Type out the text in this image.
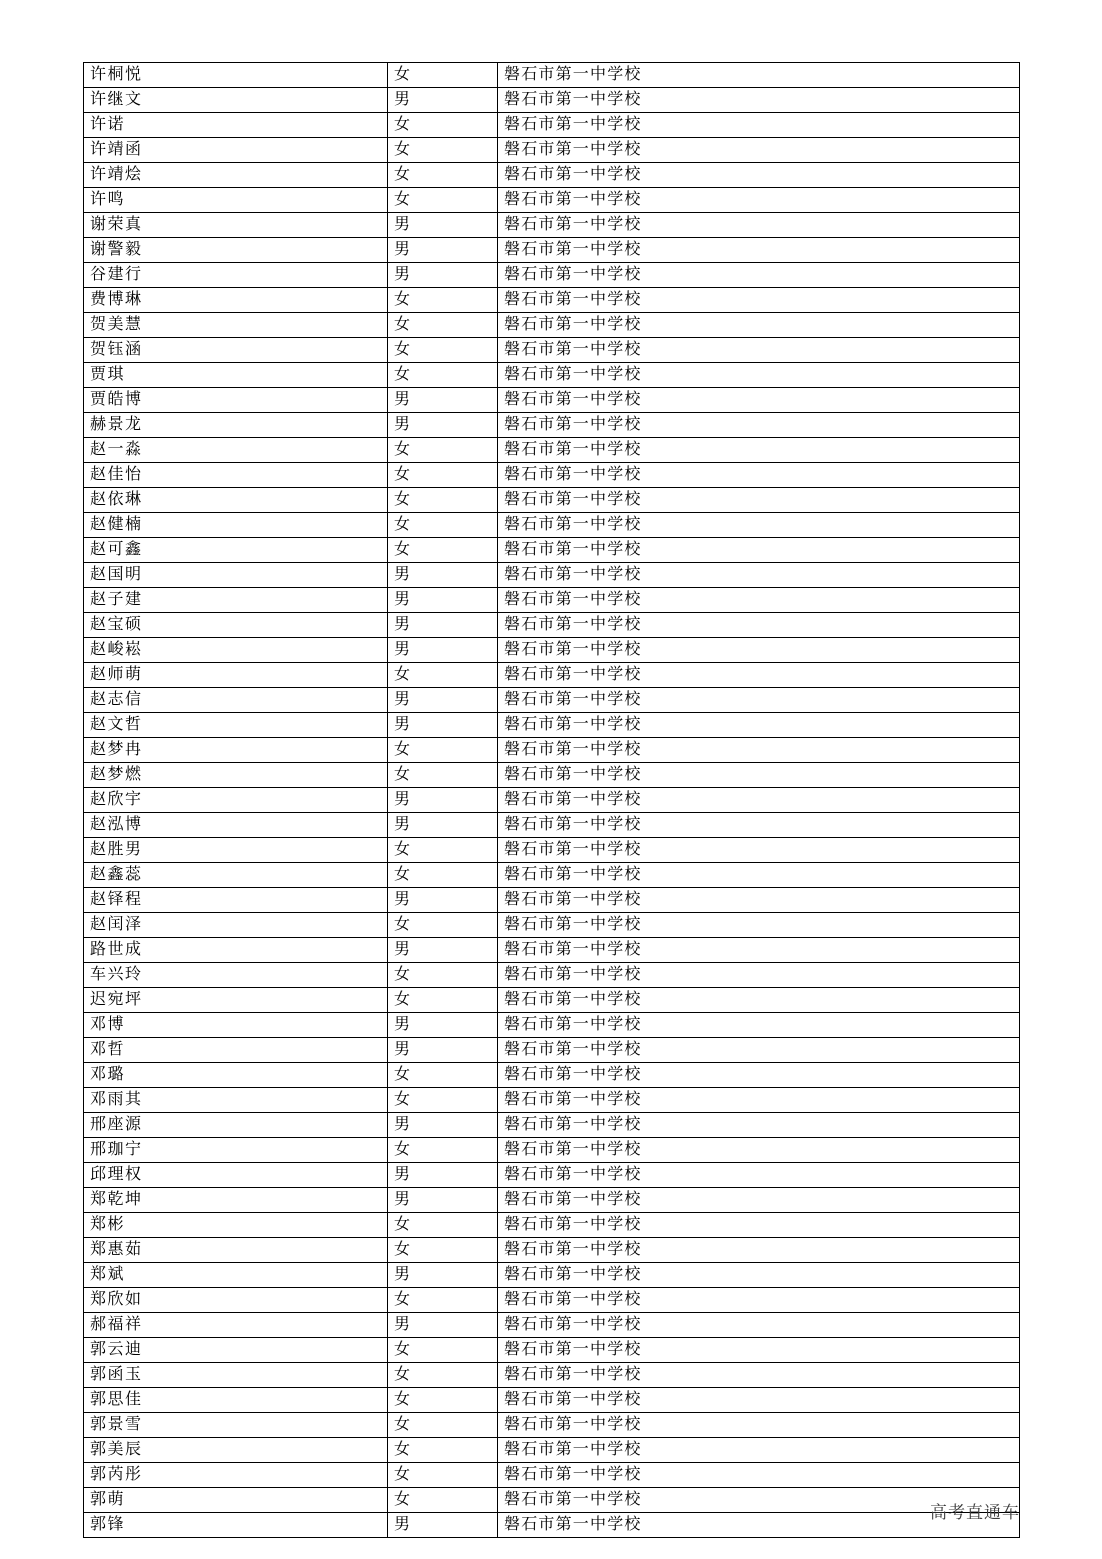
许桐悦	女	磐石市第一中学校
许继文	男	磐石市第一中学校
许诺	女	磐石市第一中学校
许靖函	女	磐石市第一中学校
许靖烩	女	磐石市第一中学校
许鸣	女	磐石市第一中学校
谢荣真	男	磐石市第一中学校
谢警毅	男	磐石市第一中学校
谷建行	男	磐石市第一中学校
费博琳	女	磐石市第一中学校
贺美慧	女	磐石市第一中学校
贺钰涵	女	磐石市第一中学校
贾琪	女	磐石市第一中学校
贾皓博	男	磐石市第一中学校
赫景龙	男	磐石市第一中学校
赵一淼	女	磐石市第一中学校
赵佳怡	女	磐石市第一中学校
赵依琳	女	磐石市第一中学校
赵健楠	女	磐石市第一中学校
赵可鑫	女	磐石市第一中学校
赵国明	男	磐石市第一中学校
赵子建	男	磐石市第一中学校
赵宝硕	男	磐石市第一中学校
赵峻崧	男	磐石市第一中学校
赵师萌	女	磐石市第一中学校
赵志信	男	磐石市第一中学校
赵文哲	男	磐石市第一中学校
赵梦冉	女	磐石市第一中学校
赵梦燃	女	磐石市第一中学校
赵欣宇	男	磐石市第一中学校
赵泓博	男	磐石市第一中学校
赵胜男	女	磐石市第一中学校
赵鑫蕊	女	磐石市第一中学校
赵铎程	男	磐石市第一中学校
赵闰泽	女	磐石市第一中学校
路世成	男	磐石市第一中学校
车兴玲	女	磐石市第一中学校
迟宛坪	女	磐石市第一中学校
邓博	男	磐石市第一中学校
邓哲	男	磐石市第一中学校
邓璐	女	磐石市第一中学校
邓雨其	女	磐石市第一中学校
邢座源	男	磐石市第一中学校
邢珈宁	女	磐石市第一中学校
邱理权	男	磐石市第一中学校
郑乾坤	男	磐石市第一中学校
郑彬	女	磐石市第一中学校
郑惠茹	女	磐石市第一中学校
郑斌	男	磐石市第一中学校
郑欣如	女	磐石市第一中学校
郝福祥	男	磐石市第一中学校
郭云迪	女	磐石市第一中学校
郭函玉	女	磐石市第一中学校
郭思佳	女	磐石市第一中学校
郭景雪	女	磐石市第一中学校
郭美辰	女	磐石市第一中学校
郭芮彤	女	磐石市第一中学校
郭萌	女	磐石市第一中学校
郭锋	男	磐石市第一中学校
高考直通车
